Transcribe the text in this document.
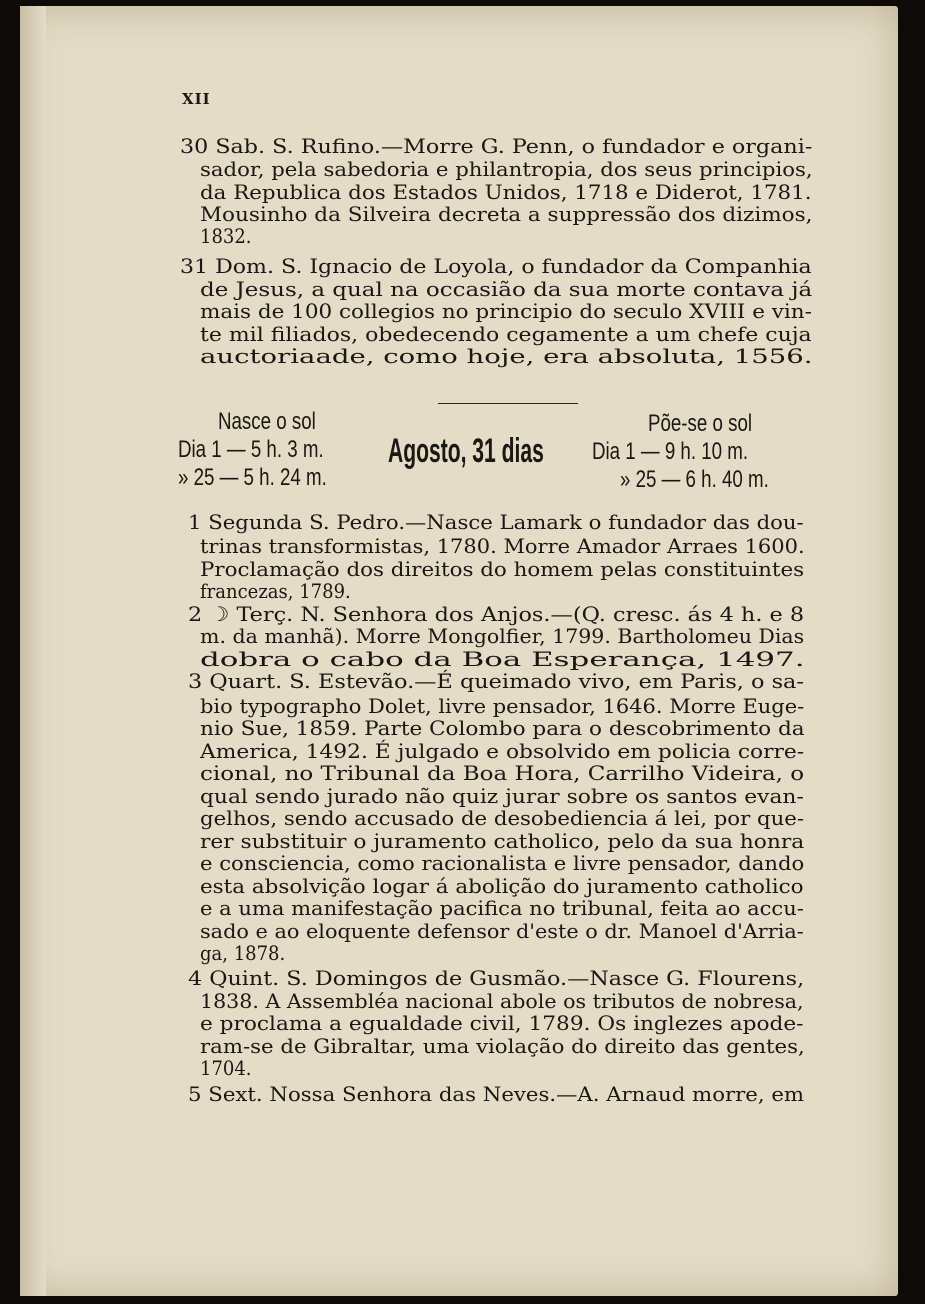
XII
30 Sab. S. Rufino.—Morre G. Penn, o fundador e organi-
sador, pela sabedoria e philantropia, dos seus principios,
da Republica dos Estados Unidos, 1718 e Diderot, 1781.
Mousinho da Silveira decreta a suppressão dos dizimos,
1832.
31 Dom. S. Ignacio de Loyola, o fundador da Companhia
de Jesus, a qual na occasião da sua morte contava já
mais de 100 collegios no principio do seculo XVIII e vin-
te mil filiados, obedecendo cegamente a um chefe cuja
auctoriaade, como hoje, era absoluta, 1556.
Nasce o sol
Dia 1 — 5 h. 3 m.
» 25 — 5 h. 24 m.
Agosto, 31 dias
Põe-se o sol
Dia 1 — 9 h. 10 m.
» 25 — 6 h. 40 m.
1 Segunda S. Pedro.—Nasce Lamark o fundador das dou-
trinas transformistas, 1780. Morre Amador Arraes 1600.
Proclamação dos direitos do homem pelas constituintes
francezas, 1789.
2 ☽ Terç. N. Senhora dos Anjos.—(Q. cresc. ás 4 h. e 8
m. da manhã). Morre Mongolfier, 1799. Bartholomeu Dias
dobra o cabo da Boa Esperança, 1497.
3 Quart. S. Estevão.—É queimado vivo, em Paris, o sa-
bio typographo Dolet, livre pensador, 1646. Morre Euge-
nio Sue, 1859. Parte Colombo para o descobrimento da
America, 1492. É julgado e obsolvido em policia corre-
cional, no Tribunal da Boa Hora, Carrilho Videira, o
qual sendo jurado não quiz jurar sobre os santos evan-
gelhos, sendo accusado de desobediencia á lei, por que-
rer substituir o juramento catholico, pelo da sua honra
e consciencia, como racionalista e livre pensador, dando
esta absolvição logar á abolição do juramento catholico
e a uma manifestação pacifica no tribunal, feita ao accu-
sado e ao eloquente defensor d'este o dr. Manoel d'Arria-
ga, 1878.
4 Quint. S. Domingos de Gusmão.—Nasce G. Flourens,
1838. A Assembléa nacional abole os tributos de nobresa,
e proclama a egualdade civil, 1789. Os inglezes apode-
ram-se de Gibraltar, uma violação do direito das gentes,
1704.
5 Sext. Nossa Senhora das Neves.—A. Arnaud morre, em
